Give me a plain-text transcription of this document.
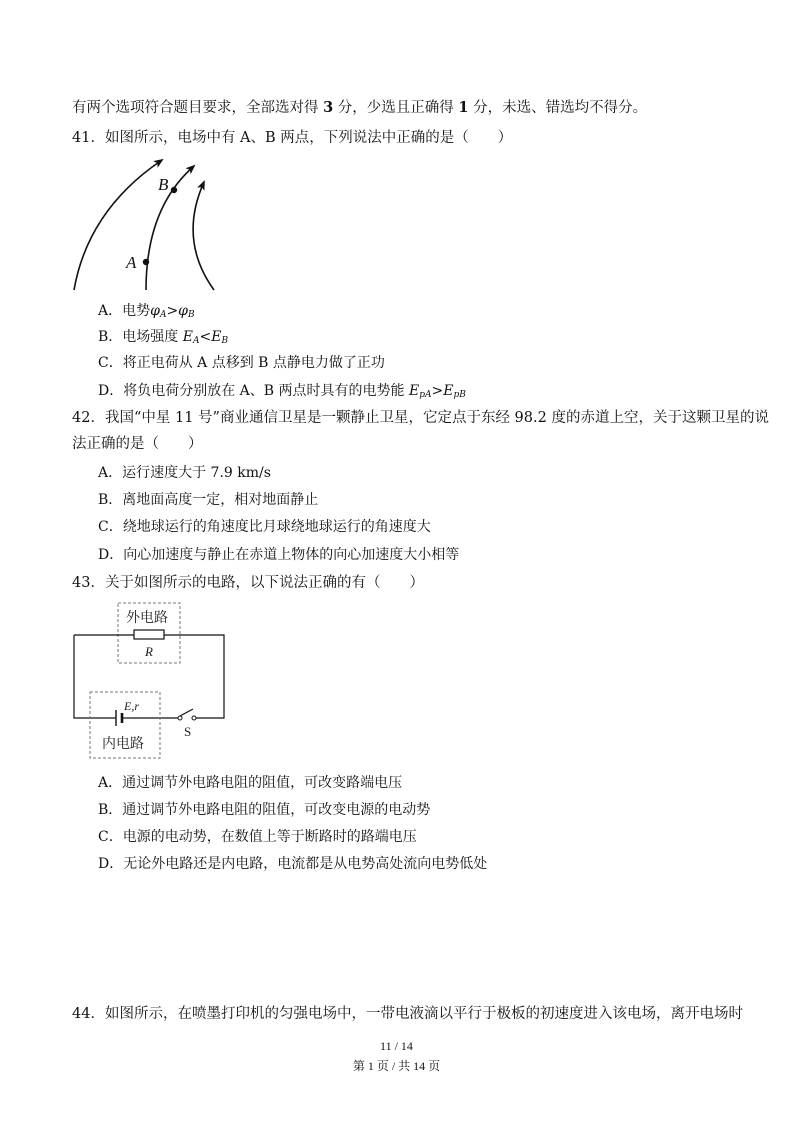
有两个选项符合题目要求，全部选对得 3 分，少选且正确得 1 分，未选、错选均不得分。
41．如图所示，电场中有 A、B 两点，下列说法中正确的是（　　）
A
B
A．电势$\varphi_A>\varphi_B$
B．电场强度 $E_A<E_B$
C．将正电荷从 A 点移到 B 点静电力做了正功
D．将负电荷分别放在 A、B 两点时具有的电势能 $E_{pA}>E_{pB}$
42．我国“中星 11 号”商业通信卫星是一颗静止卫星，它定点于东经 98.2 度的赤道上空，关于这颗卫星的说
法正确的是（　　）
A．运行速度大于 7.9 km/s
B．离地面高度一定，相对地面静止
C．绕地球运行的角速度比月球绕地球运行的角速度大
D．向心加速度与静止在赤道上物体的向心加速度大小相等
43．关于如图所示的电路，以下说法正确的有（　　）
外电路
R
E,r
内电路
S
A．通过调节外电路电阻的阻值，可改变路端电压
B．通过调节外电路电阻的阻值，可改变电源的电动势
C．电源的电动势，在数值上等于断路时的路端电压
D．无论外电路还是内电路，电流都是从电势高处流向电势低处
44．如图所示，在喷墨打印机的匀强电场中，一带电液滴以平行于极板的初速度进入该电场，离开电场时
11 / 14
第 1 页 / 共 14 页
